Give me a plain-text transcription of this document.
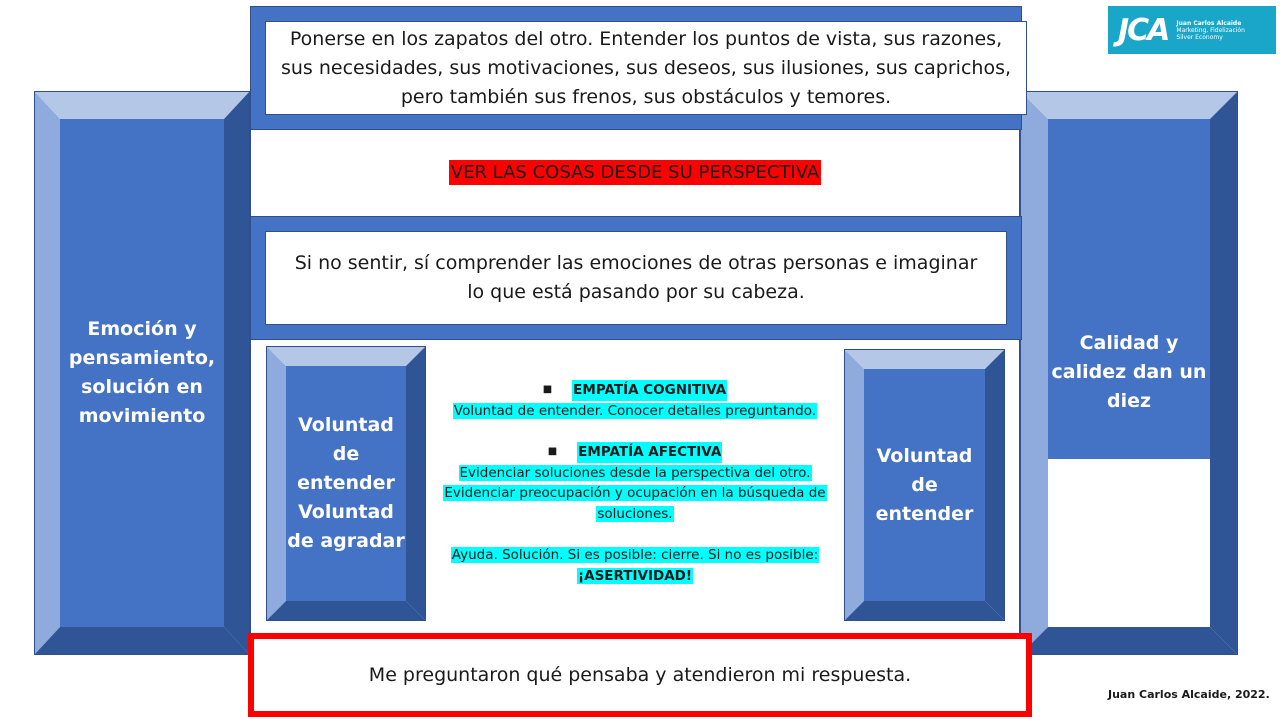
Emoción y pensamiento, solución en movimiento
Calidad y calidez dan un diez
Ponerse en los zapatos del otro. Entender los puntos de vista, sus razones, sus necesidades, sus motivaciones, sus deseos, sus ilusiones, sus caprichos, pero también sus frenos, sus obstáculos y temores.
VER LAS COSAS DESDE SU PERSPECTIVA
Si no sentir, sí comprender las emociones de otras personas e imaginar
lo que está pasando por su cabeza.
Voluntad de entender Voluntad de agradar
Voluntad de entender
■ EMPATÍA COGNITIVA
Voluntad de entender. Conocer detalles preguntando.
■ EMPATÍA AFECTIVA
Evidenciar soluciones desde la perspectiva del otro.
Evidenciar preocupación y ocupación en la búsqueda de
soluciones.
Ayuda. Solución. Si es posible: cierre. Si no es posible:
¡ASERTIVIDAD!
Me preguntaron qué pensaba y atendieron mi respuesta.
JCA Juan Carlos Alcaide
Marketing, Fidelización
Silver Economy
Juan Carlos Alcaide, 2022.
